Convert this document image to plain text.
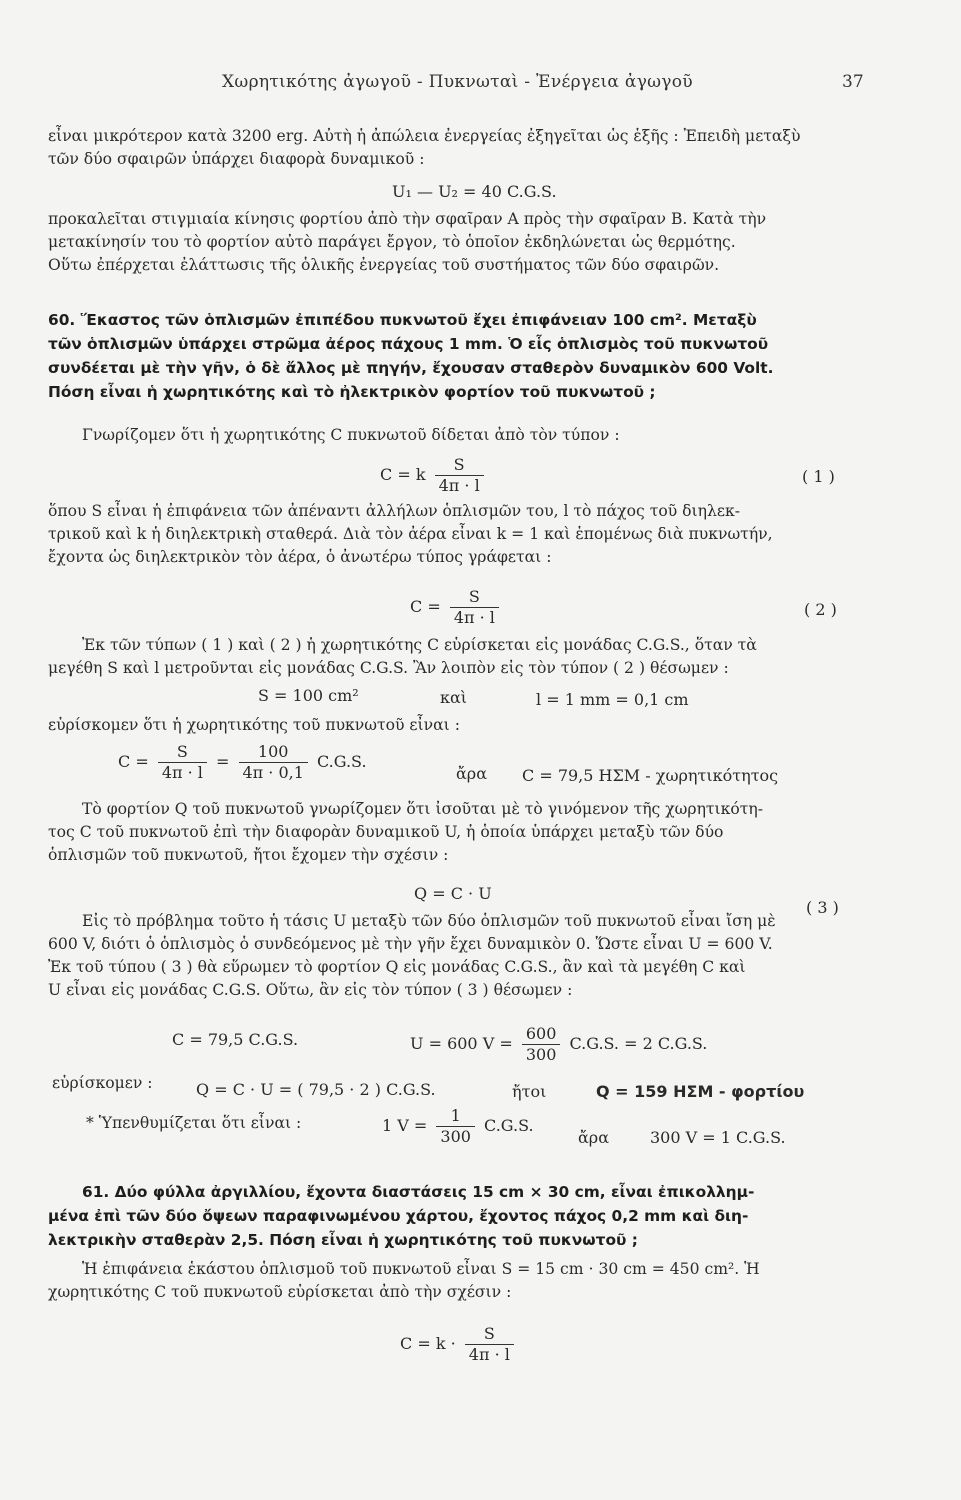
Χωρητικότης ἀγωγοῦ - Πυκνωταὶ - Ἐνέργεια ἀγωγοῦ	37
εἶναι μικρότερον κατὰ 3200 erg. Αὐτὴ ἡ ἀπώλεια ἐνεργείας ἐξηγεῖται ὡς ἑξῆς : Ἐπειδὴ μεταξὺ
τῶν δύο σφαιρῶν ὑπάρχει διαφορὰ δυναμικοῦ :
U₁ — U₂ = 40 C.G.S.
προκαλεῖται στιγμιαία κίνησις φορτίου ἀπὸ τὴν σφαῖραν Α πρὸς τὴν σφαῖραν Β. Κατὰ τὴν
μετακίνησίν του τὸ φορτίον αὐτὸ παράγει ἔργον, τὸ ὁποῖον ἐκδηλώνεται ὡς θερμότης.
Οὕτω ἐπέρχεται ἐλάττωσις τῆς ὁλικῆς ἐνεργείας τοῦ συστήματος τῶν δύο σφαιρῶν.
60. Ἕκαστος τῶν ὁπλισμῶν ἐπιπέδου πυκνωτοῦ ἔχει ἐπιφάνειαν 100 cm². Μεταξὺ
τῶν ὁπλισμῶν ὑπάρχει στρῶμα ἀέρος πάχους 1 mm. Ὁ εἷς ὁπλισμὸς τοῦ πυκνωτοῦ
συνδέεται μὲ τὴν γῆν, ὁ δὲ ἄλλος μὲ πηγήν, ἔχουσαν σταθερὸν δυναμικὸν 600 Volt.
Πόση εἶναι ἡ χωρητικότης καὶ τὸ ἠλεκτρικὸν φορτίον τοῦ πυκνωτοῦ ;
Γνωρίζομεν ὅτι ἡ χωρητικότης C πυκνωτοῦ δίδεται ἀπὸ τὸν τύπον :
C = k $\frac{S}{4\pi \cdot l}$	( 1 )
ὅπου S εἶναι ἡ ἐπιφάνεια τῶν ἀπέναντι ἀλλήλων ὁπλισμῶν του, l τὸ πάχος τοῦ διηλεκ-
τρικοῦ καὶ k ἡ διηλεκτρικὴ σταθερά. Διὰ τὸν ἀέρα εἶναι k = 1 καὶ ἑπομένως διὰ πυκνωτήν,
ἔχοντα ὡς διηλεκτρικὸν τὸν ἀέρα, ὁ ἀνωτέρω τύπος γράφεται :
$C = \frac{S}{4\pi \cdot l}$	( 2 )
Ἐκ τῶν τύπων ( 1 ) καὶ ( 2 ) ἡ χωρητικότης C εὑρίσκεται εἰς μονάδας C.G.S., ὅταν τὰ
μεγέθη S καὶ l μετροῦνται εἰς μονάδας C.G.S. Ἂν λοιπὸν εἰς τὸν τύπον ( 2 ) θέσωμεν :
S = 100 cm²	καὶ	l = 1 mm = 0,1 cm
εὑρίσκομεν ὅτι ἡ χωρητικότης τοῦ πυκνωτοῦ εἶναι :
$C = \frac{S}{4\pi \cdot l} = \frac{100}{4\pi \cdot 0,1} C.G.S$.
ἄρα C = 79,5 ΗΣΜ - χωρητικότητος
Τὸ φορτίον Q τοῦ πυκνωτοῦ γνωρίζομεν ὅτι ἰσοῦται μὲ τὸ γινόμενον τῆς χωρητικότη-
τος C τοῦ πυκνωτοῦ ἐπὶ τὴν διαφορὰν δυναμικοῦ U, ἡ ὁποία ὑπάρχει μεταξὺ τῶν δύο
ὁπλισμῶν τοῦ πυκνωτοῦ, ἤτοι ἔχομεν τὴν σχέσιν :
Q = C · U
( 3 )
Εἰς τὸ πρόβλημα τοῦτο ἡ τάσις U μεταξὺ τῶν δύο ὁπλισμῶν τοῦ πυκνωτοῦ εἶναι ἴση μὲ
600 V, διότι ὁ ὁπλισμὸς ὁ συνδεόμενος μὲ τὴν γῆν ἔχει δυναμικὸν 0. Ὥστε εἶναι U = 600 V.
Ἐκ τοῦ τύπου ( 3 ) θὰ εὕρωμεν τὸ φορτίον Q εἰς μονάδας C.G.S., ἂν καὶ τὰ μεγέθη C καὶ
U εἶναι εἰς μονάδας C.G.S. Οὕτω, ἂν εἰς τὸν τύπον ( 3 ) θέσωμεν :
C = 79,5 C.G.S.	U = 600 $V = \frac{600}{300} C.G.S$. = 2 C.G.S.
εὑρίσκομεν :	Q = C · U = ( 79,5 · 2 ) C.G.S.	ἤτοι	Q = 159 ΗΣΜ - φορτίου
* Ὑπενθυμίζεται ὅτι εἶναι :	1 $V = \frac{1}{300} C.G.S$.
ἄρα	300 V = 1 C.G.S.
61. Δύο φύλλα ἀργιλλίου, ἔχοντα διαστάσεις 15 cm × 30 cm, εἶναι ἐπικολλημ-
μένα ἐπὶ τῶν δύο ὄψεων παραφινωμένου χάρτου, ἔχοντος πάχος 0,2 mm καὶ διη-
λεκτρικὴν σταθερὰν 2,5. Πόση εἶναι ἡ χωρητικότης τοῦ πυκνωτοῦ ;
Ἡ ἐπιφάνεια ἑκάστου ὁπλισμοῦ τοῦ πυκνωτοῦ εἶναι S = 15 cm · 30 cm = 450 cm². Ἡ
χωρητικότης C τοῦ πυκνωτοῦ εὑρίσκεται ἀπὸ τὴν σχέσιν :
$C = k \cdot \frac{S}{4\pi \cdot l}$
